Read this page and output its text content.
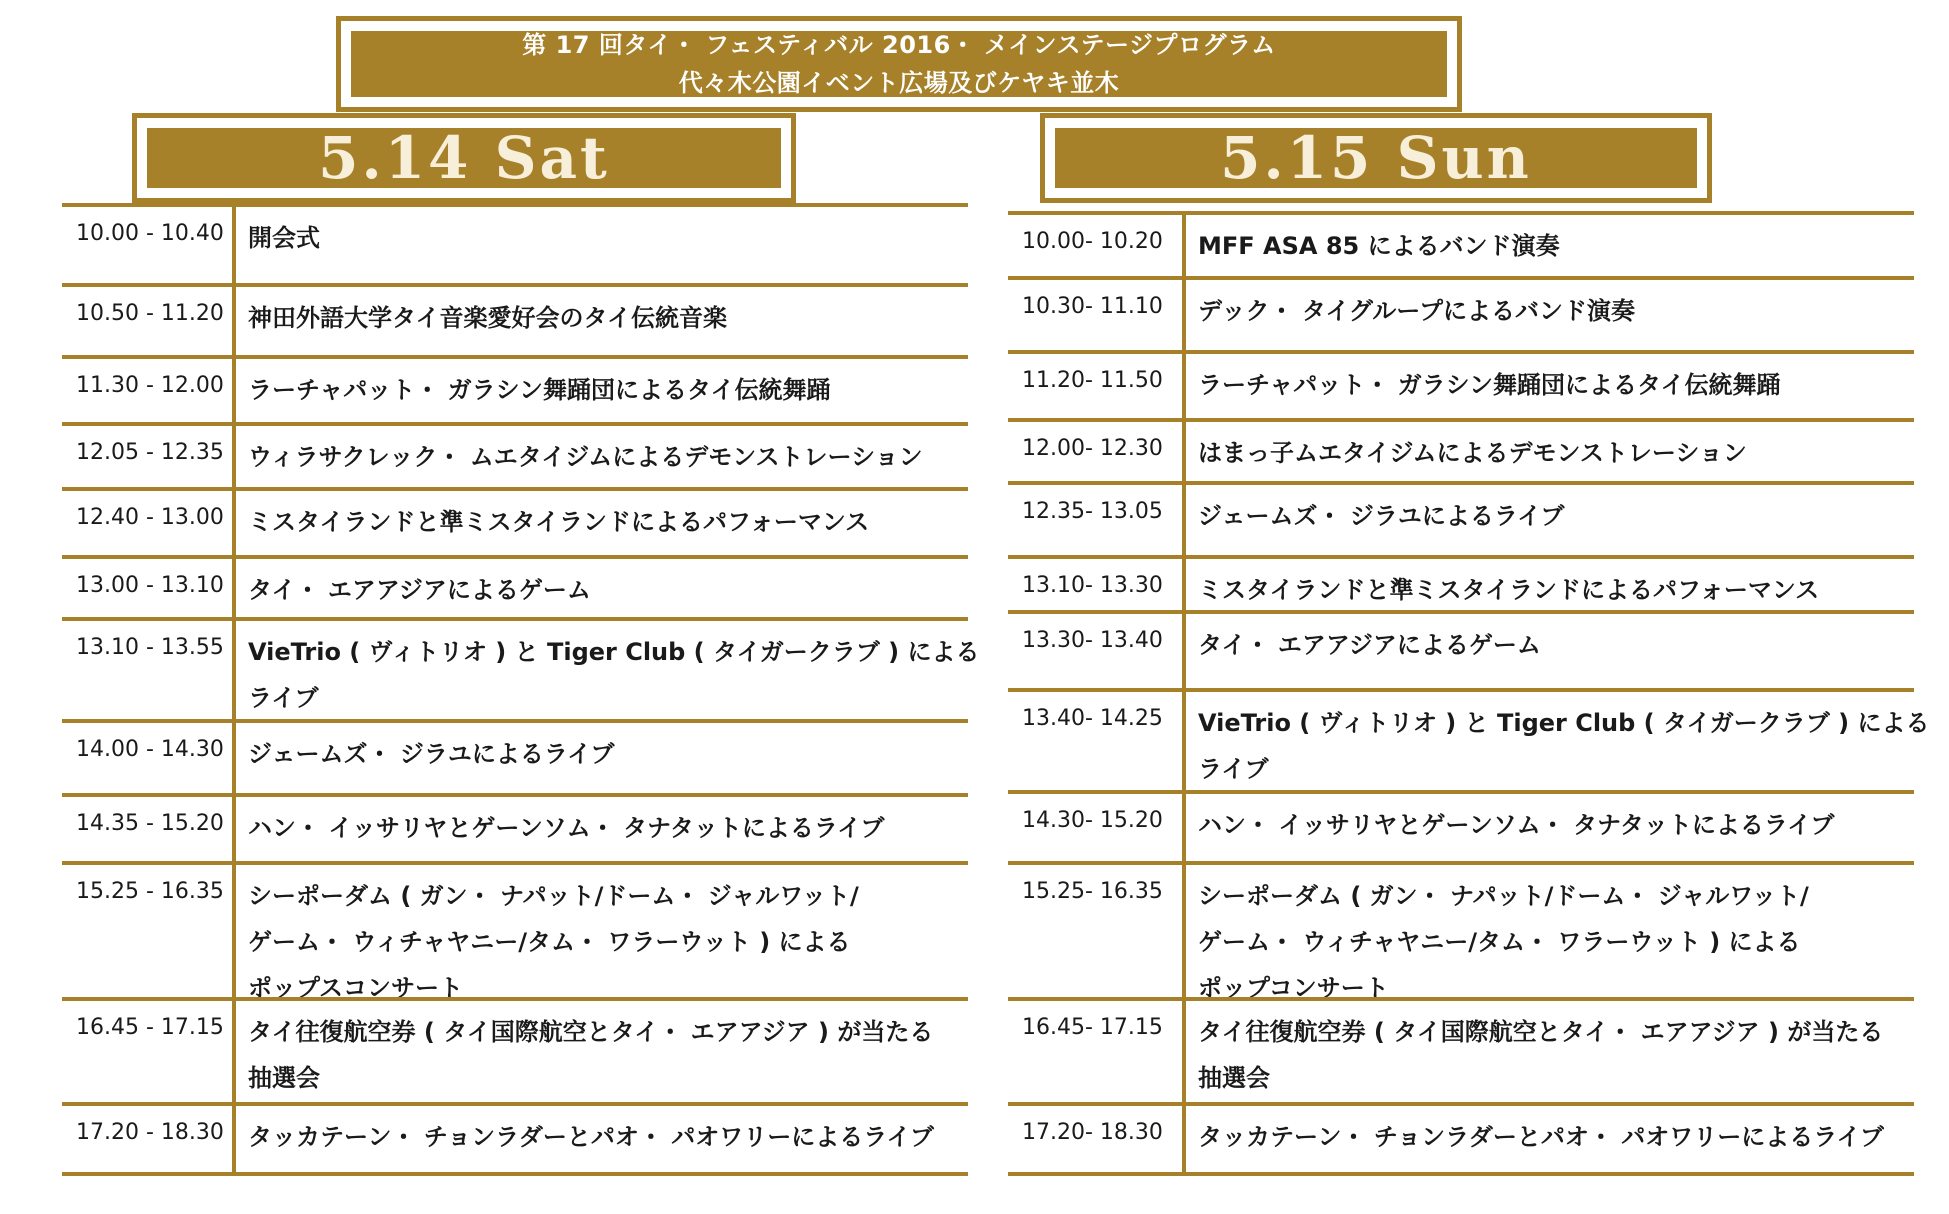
第 17 回タイ・ フェスティバル 2016・ メインステージプログラム
代々木公園イベント広場及びケヤキ並木
5.14 Sat	5.15 Sun
10.00 - 10.40 開会式
10.50 - 11.20 神田外語大学タイ音楽愛好会のタイ伝統音楽
11.30 - 12.00 ラーチャパット・ ガラシン舞踊団によるタイ伝統舞踊
12.05 - 12.35 ウィラサクレック・ ムエタイジムによるデモンストレーション
12.40 - 13.00 ミスタイランドと準ミスタイランドによるパフォーマンス
13.00 - 13.10 タイ・ エアアジアによるゲーム
13.10 - 13.55 VieTrio ( ヴィトリオ ) と Tiger Club ( タイガークラブ ) による
ライブ
14.00 - 14.30 ジェームズ・ ジラユによるライブ
14.35 - 15.20 ハン・ イッサリヤとゲーンソム・ タナタットによるライブ
15.25 - 16.35 シーポーダム ( ガン・ ナパット/ドーム・ ジャルワット/
ゲーム・ ウィチャヤニー/タム・ ワラーウット ) による
ポップスコンサート
16.45 - 17.15 タイ往復航空券 ( タイ国際航空とタイ・ エアアジア ) が当たる
抽選会
17.20 - 18.30 タッカテーン・ チョンラダーとパオ・ パオワリーによるライブ
10.00- 10.20 MFF ASA 85 によるバンド演奏
10.30- 11.10 デック・ タイグループによるバンド演奏
11.20- 11.50 ラーチャパット・ ガラシン舞踊団によるタイ伝統舞踊
12.00- 12.30 はまっ子ムエタイジムによるデモンストレーション
12.35- 13.05 ジェームズ・ ジラユによるライブ
13.10- 13.30 ミスタイランドと準ミスタイランドによるパフォーマンス
13.30- 13.40 タイ・ エアアジアによるゲーム
13.40- 14.25 VieTrio ( ヴィトリオ ) と Tiger Club ( タイガークラブ ) による
ライブ
14.30- 15.20 ハン・ イッサリヤとゲーンソム・ タナタットによるライブ
15.25- 16.35 シーポーダム ( ガン・ ナパット/ドーム・ ジャルワット/
ゲーム・ ウィチャヤニー/タム・ ワラーウット ) による
ポップコンサート
16.45- 17.15 タイ往復航空券 ( タイ国際航空とタイ・ エアアジア ) が当たる
抽選会
17.20- 18.30 タッカテーン・ チョンラダーとパオ・ パオワリーによるライブ
